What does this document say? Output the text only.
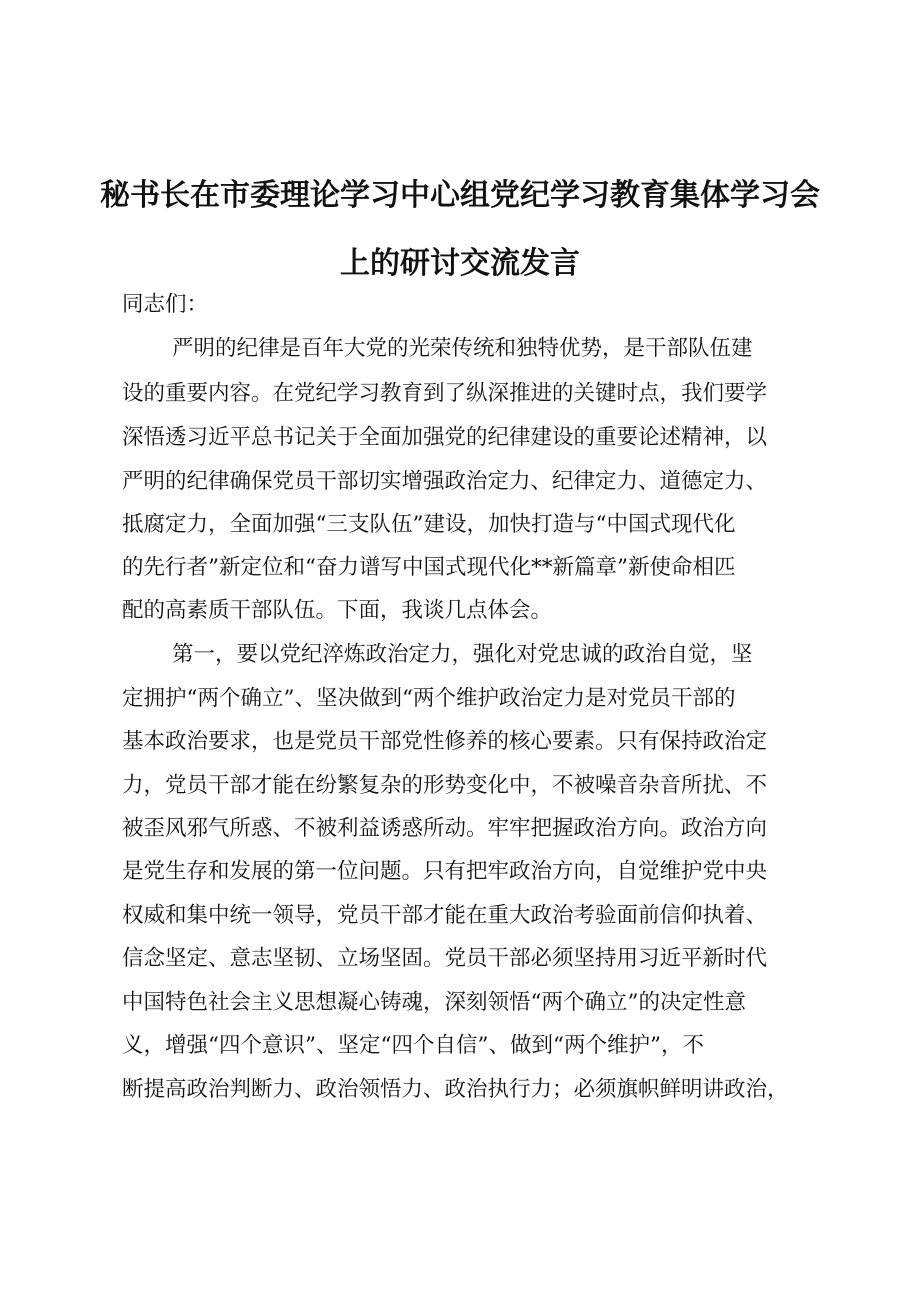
秘书长在市委理论学习中心组党纪学习教育集体学习会
上的研讨交流发言
同志们：
严明的纪律是百年大党的光荣传统和独特优势，是干部队伍建
设的重要内容。在党纪学习教育到了纵深推进的关键时点，我们要学
深悟透习近平总书记关于全面加强党的纪律建设的重要论述精神，以
严明的纪律确保党员干部切实增强政治定力、纪律定力、道德定力、
抵腐定力，全面加强“三支队伍”建设，加快打造与“中国式现代化
的先行者”新定位和“奋力谱写中国式现代化**新篇章”新使命相匹
配的高素质干部队伍。下面，我谈几点体会。
第一，要以党纪淬炼政治定力，强化对党忠诚的政治自觉，坚
定拥护“两个确立”、坚决做到“两个维护政治定力是对党员干部的
基本政治要求，也是党员干部党性修养的核心要素。只有保持政治定
力，党员干部才能在纷繁复杂的形势变化中，不被噪音杂音所扰、不
被歪风邪气所惑、不被利益诱惑所动。牢牢把握政治方向。政治方向
是党生存和发展的第一位问题。只有把牢政治方向，自觉维护党中央
权威和集中统一领导，党员干部才能在重大政治考验面前信仰执着、
信念坚定、意志坚韧、立场坚固。党员干部必须坚持用习近平新时代
中国特色社会主义思想凝心铸魂，深刻领悟“两个确立”的决定性意
义，增强“四个意识”、坚定“四个自信”、做到“两个维护”，不
断提高政治判断力、政治领悟力、政治执行力；必须旗帜鲜明讲政治，
